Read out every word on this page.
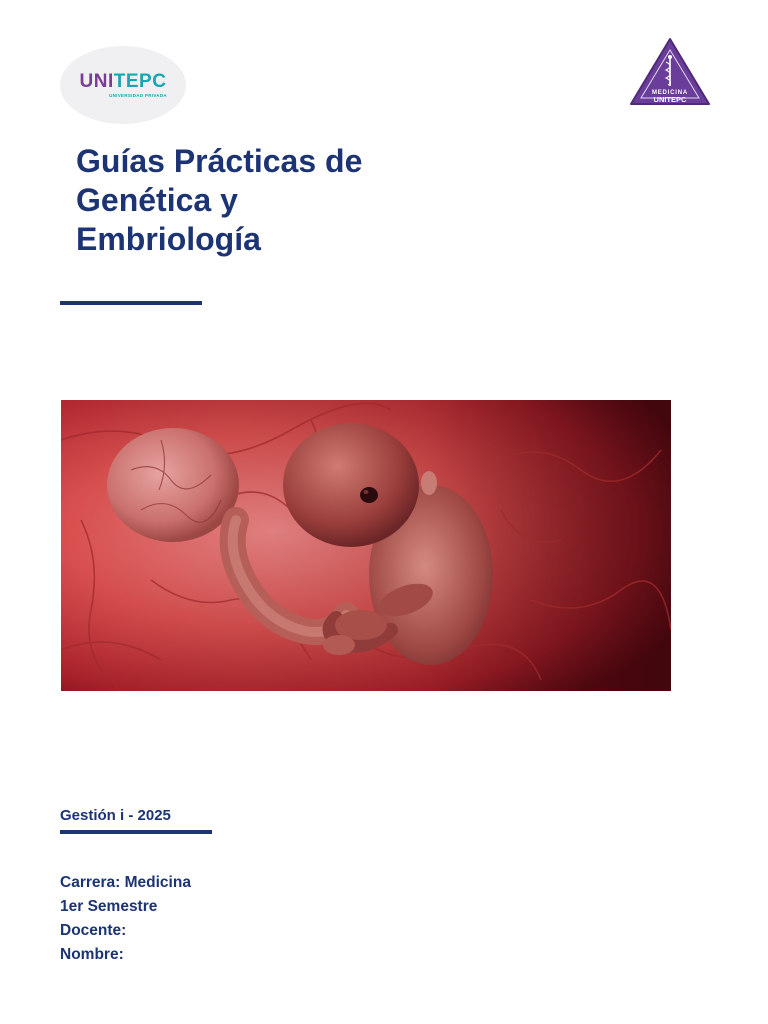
UNITEPC
UNIVERSIDAD PRIVADA	MEDICINA
UNITEPC
Guías Prácticas de
Genética y
Embriología
Gestión i - 2025
Carrera: Medicina
1er Semestre
Docente:
Nombre:
